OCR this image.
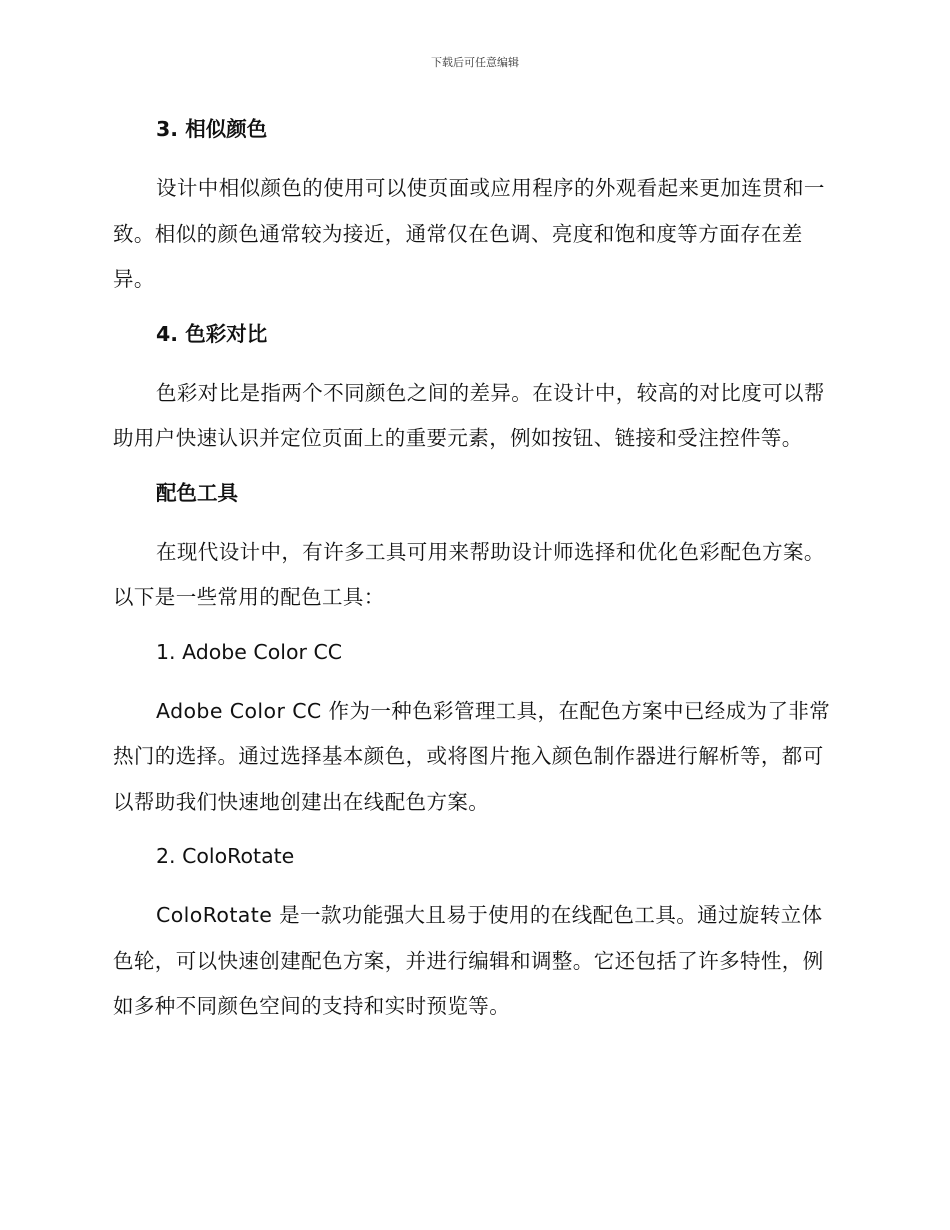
下载后可任意编辑
3. 相似颜色
设计中相似颜色的使用可以使页面或应用程序的外观看起来更加连贯和一致。相似的颜色通常较为接近，通常仅在色调、亮度和饱和度等方面存在差异。
4. 色彩对比
色彩对比是指两个不同颜色之间的差异。在设计中，较高的对比度可以帮助用户快速认识并定位页面上的重要元素，例如按钮、链接和受注控件等。
配色工具
在现代设计中，有许多工具可用来帮助设计师选择和优化色彩配色方案。以下是一些常用的配色工具：
1. Adobe Color CC
Adobe Color CC 作为一种色彩管理工具，在配色方案中已经成为了非常热门的选择。通过选择基本颜色，或将图片拖入颜色制作器进行解析等，都可以帮助我们快速地创建出在线配色方案。
2. ColoRotate
ColoRotate 是一款功能强大且易于使用的在线配色工具。通过旋转立体色轮，可以快速创建配色方案，并进行编辑和调整。它还包括了许多特性，例如多种不同颜色空间的支持和实时预览等。
